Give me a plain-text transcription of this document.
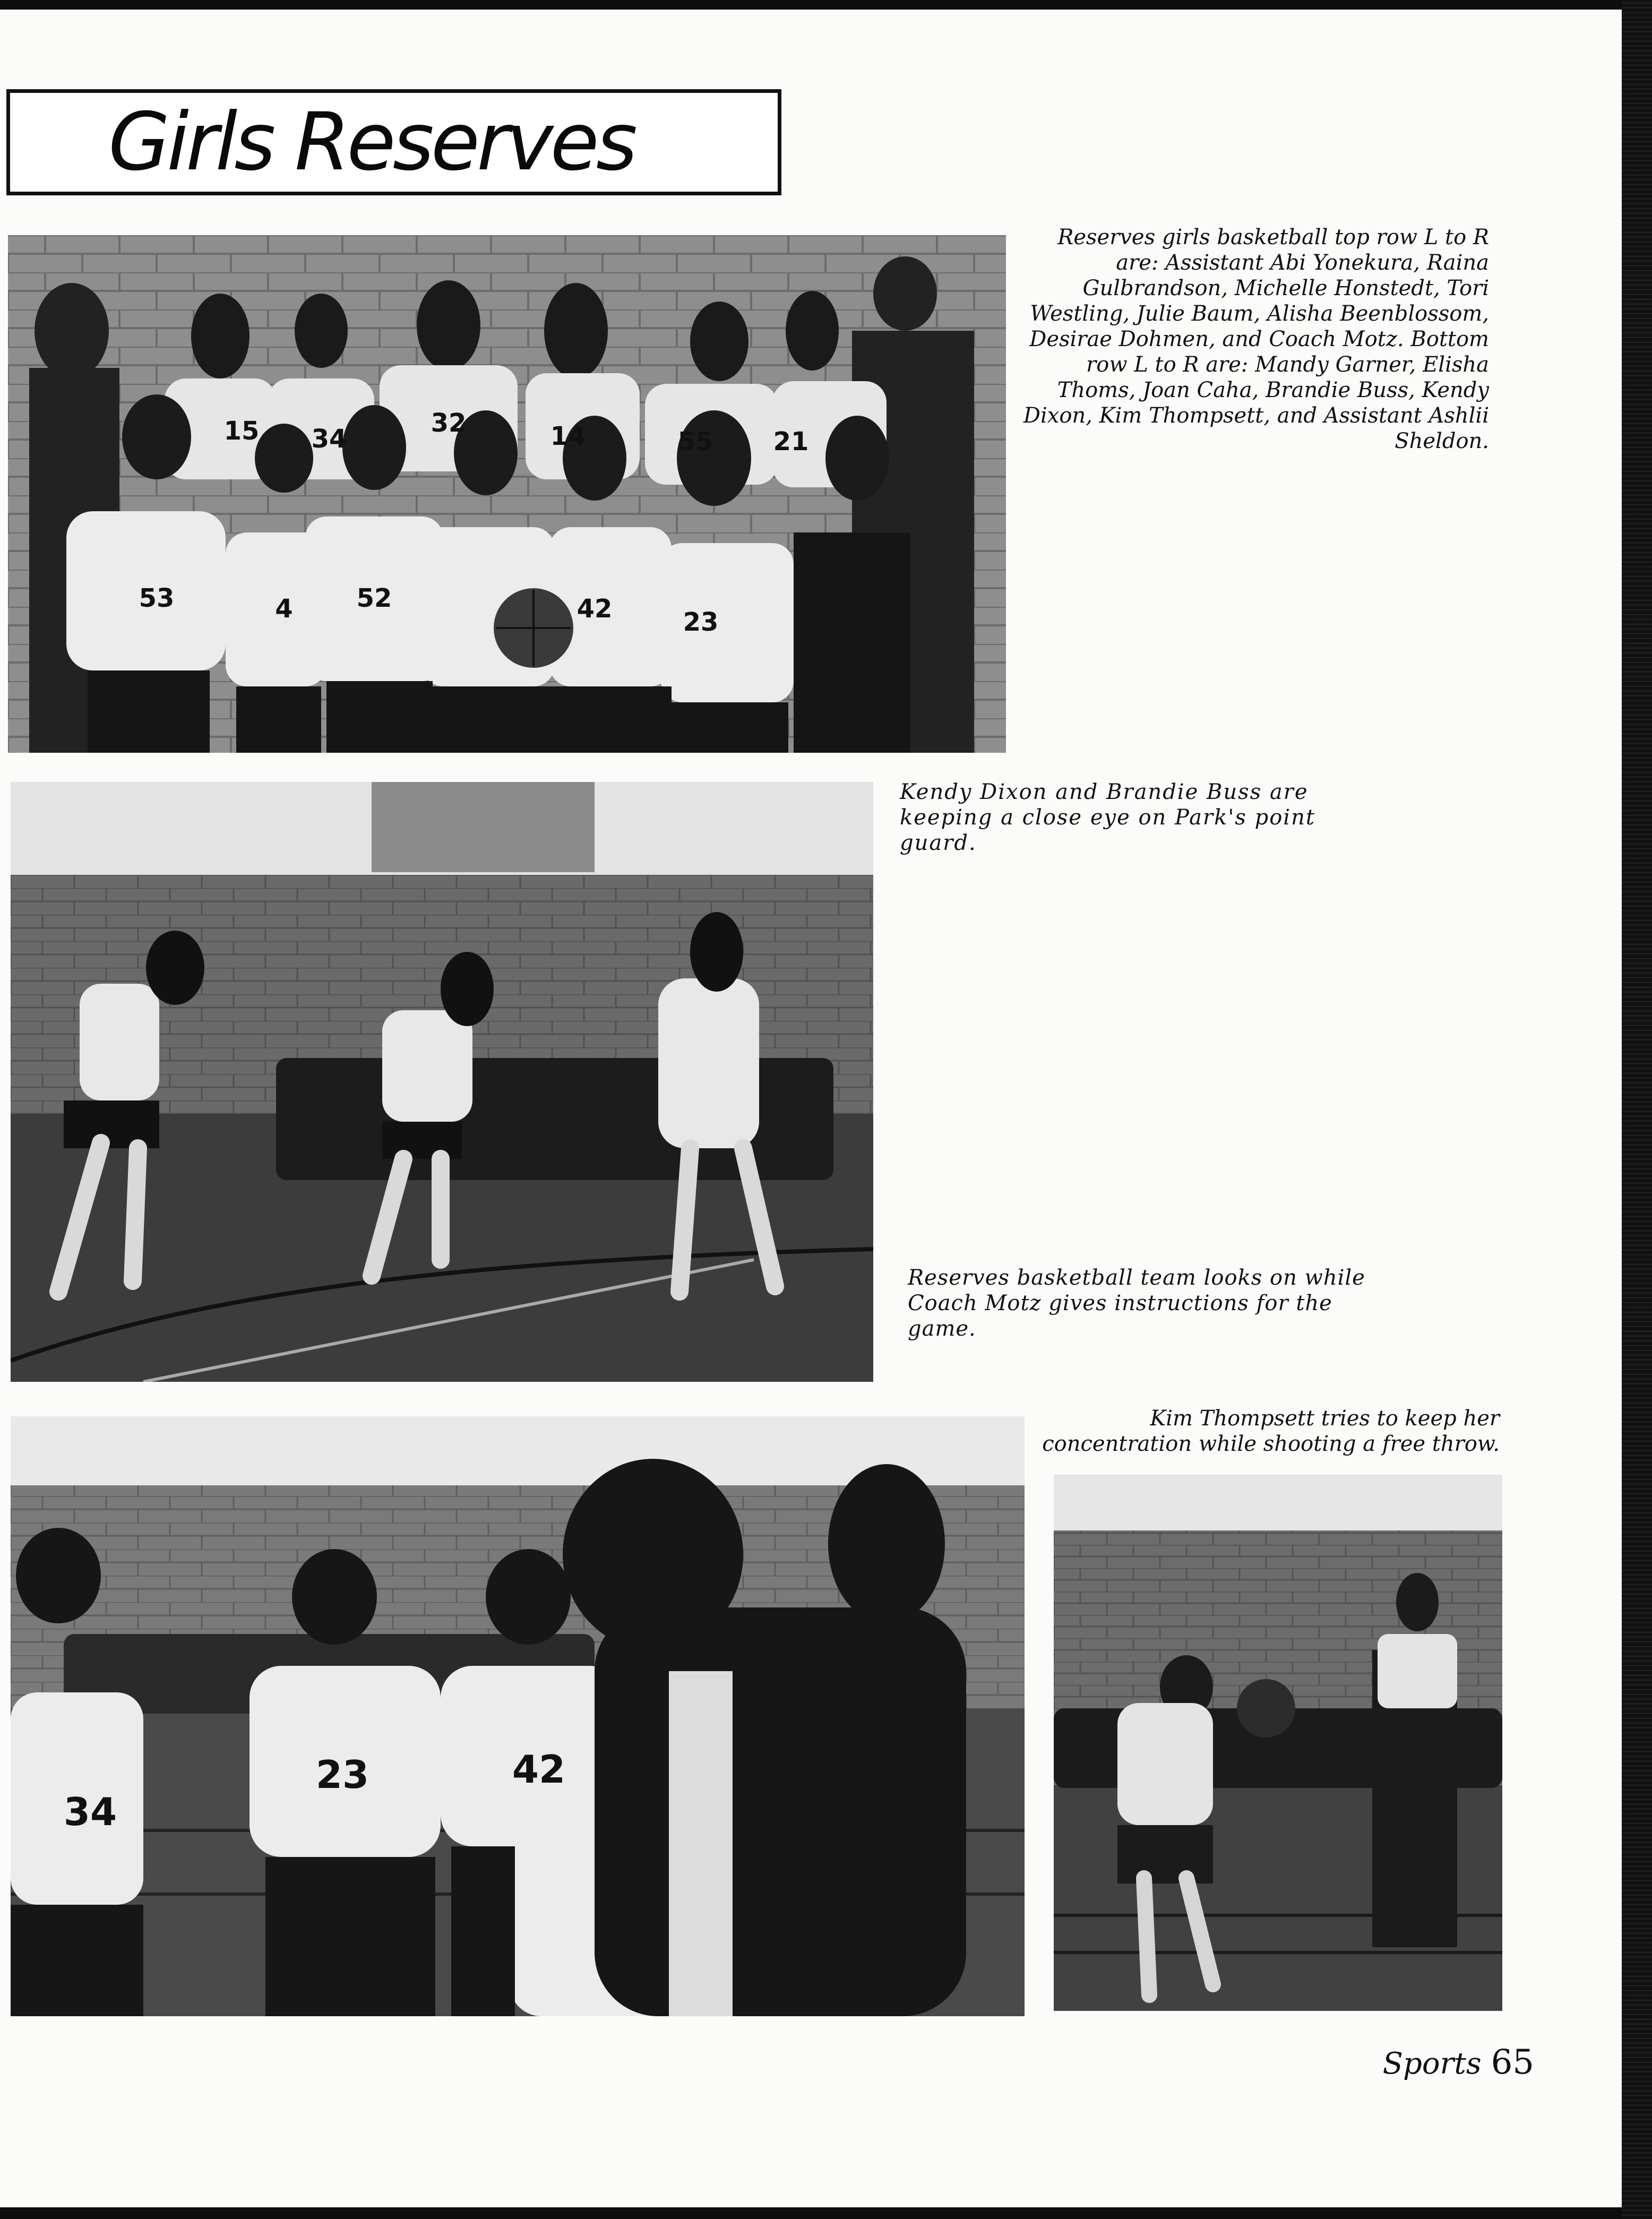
Girls Reserves
15 34
32	14	55 21
53	4 52	42	23
Reserves girls basketball top row L to R are: Assistant Abi Yonekura, Raina Gulbrandson, Michelle Honstedt, Tori Westling, Julie Baum, Alisha Beenblossom, Desirae Dohmen, and Coach Motz. Bottom row L to R are: Mandy Garner, Elisha Thoms, Joan Caha, Brandie Buss, Kendy Dixon, Kim Thompsett, and Assistant Ashlii Sheldon.
Kendy Dixon and Brandie Buss are keeping a close eye on Park's point guard.
Reserves basketball team looks on while Coach Motz gives instructions for the game.
23	42
34
Kim Thompsett tries to keep her concentration while shooting a free throw.
Sports 65
